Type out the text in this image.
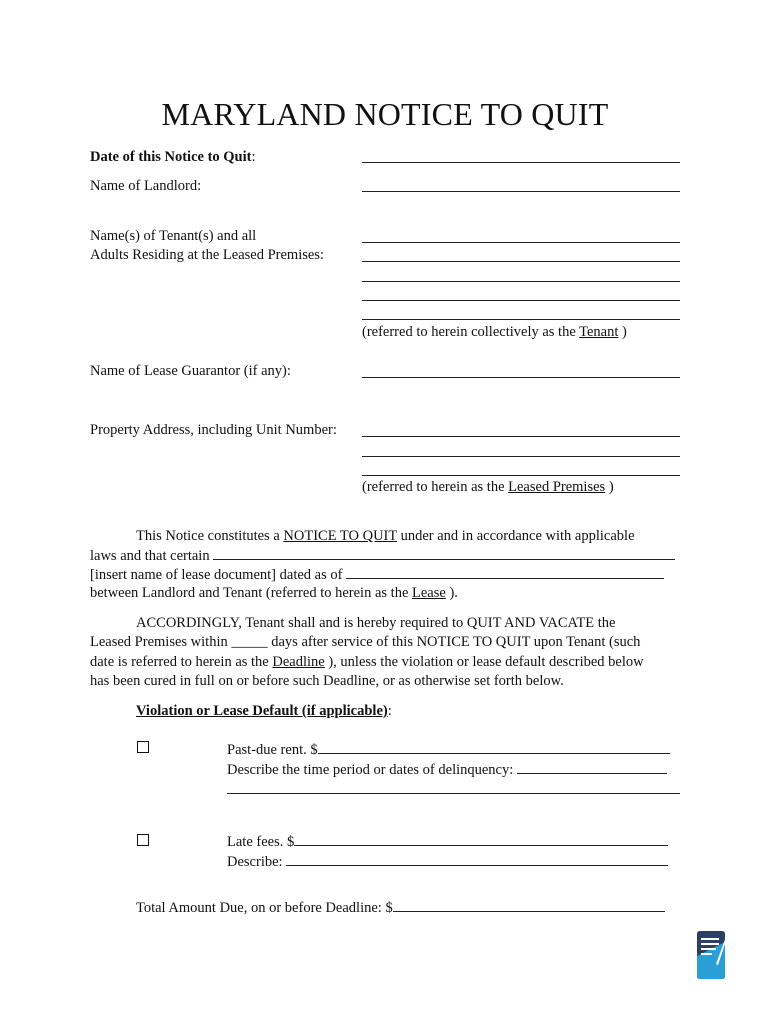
MARYLAND NOTICE TO QUIT
Date of this Notice to Quit:
Name of Landlord:
Name(s) of Tenant(s) and all
Adults Residing at the Leased Premises:
(referred to herein collectively as the Tenant )
Name of Lease Guarantor (if any):
Property Address, including Unit Number:
(referred to herein as the Leased Premises )
This Notice constitutes a NOTICE TO QUIT under and in accordance with applicable
laws and that certain
[insert name of lease document] dated as of
between Landlord and Tenant (referred to herein as the Lease ).
ACCORDINGLY, Tenant shall and is hereby required to QUIT AND VACATE the
Leased Premises within _____ days after service of this NOTICE TO QUIT upon Tenant (such
date is referred to herein as the Deadline ), unless the violation or lease default described below
has been cured in full on or before such Deadline, or as otherwise set forth below.
Violation or Lease Default (if applicable):
Past-due rent. $
Describe the time period or dates of delinquency:
Late fees. $
Describe:
Total Amount Due, on or before Deadline: $
